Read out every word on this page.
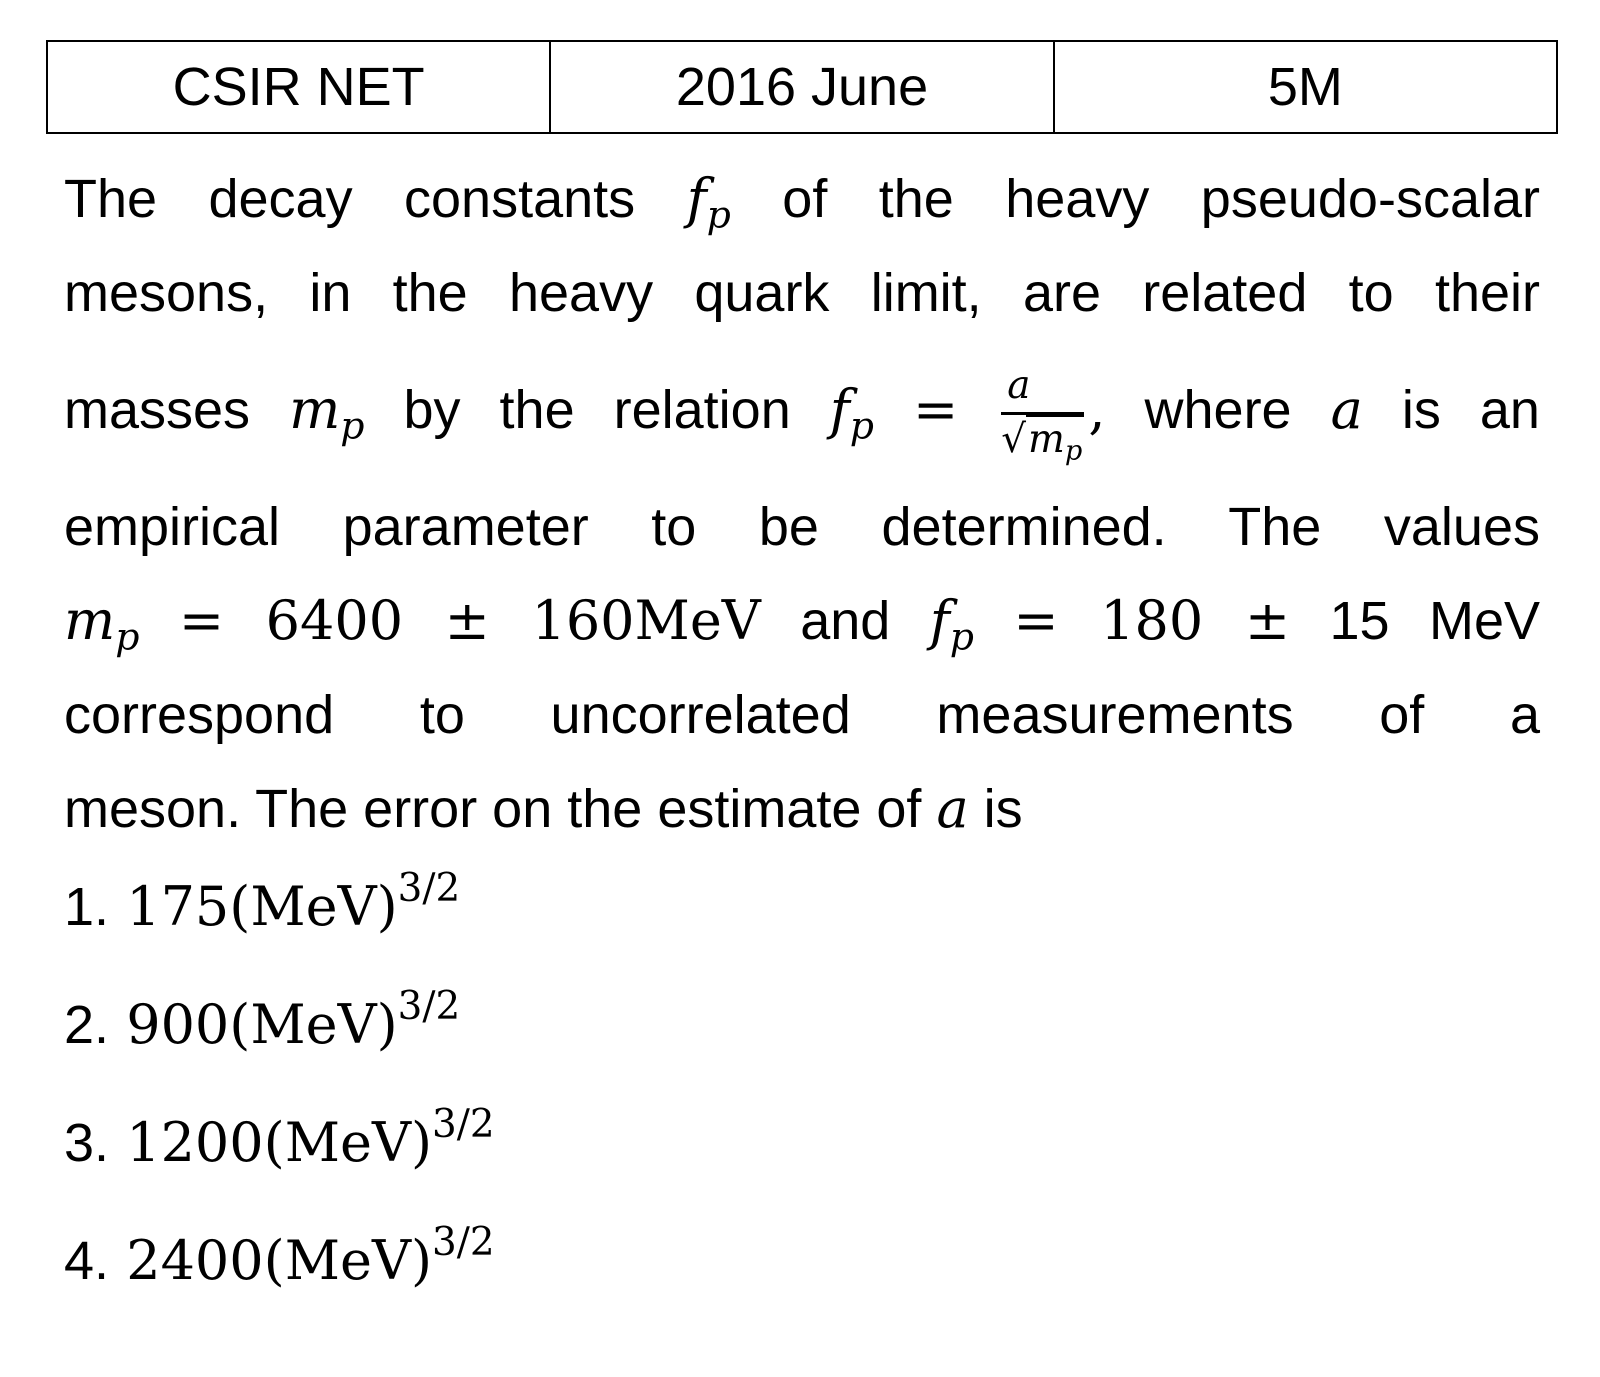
CSIR NET	2016 June	5M
The decay constants $f_p$ of the heavy pseudo-scalar
mesons, in the heavy quark limit, are related to their
masses $m_p$ by the relation $f_p = \frac{a}{√m_p}$ , where a is an
empirical parameter to be determined. The values
$m_p = 6400 \pm 160MeV$ and $f_p = 180 \pm 15$ MeV
correspond to uncorrelated measurements of a
meson. The error on the estimate of a is
1. 175(MeV)$^{3/2}$
2. 900(MeV)$^{3/2}$
3. 1200(MeV)$^{3/2}$
4. 2400(MeV)$^{3/2}$
